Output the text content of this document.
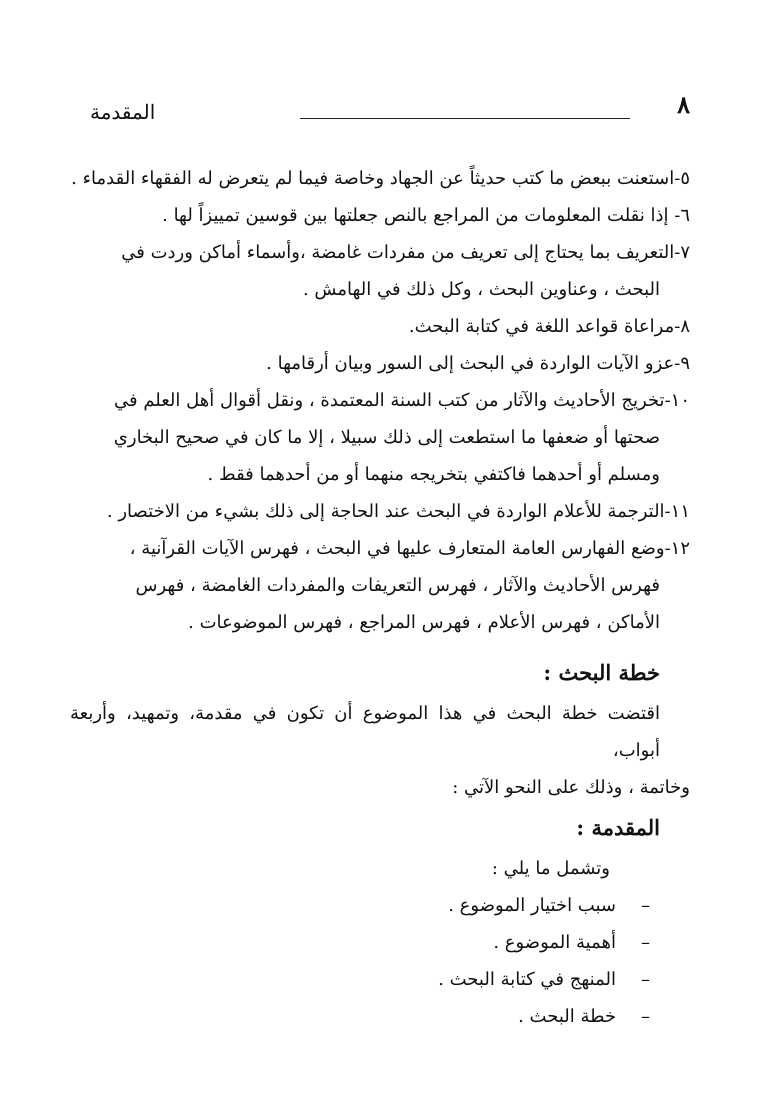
٨
المقدمة

٥-استعنت ببعض ما كتب حديثاً عن الجهاد وخاصة فيما لم يتعرض له الفقهاء القدماء .

٦- إذا نقلت المعلومات من المراجع بالنص جعلتها بين قوسين تمييزاً لها .

٧-التعريف بما يحتاج إلى تعريف من مفردات غامضة ،وأسماء أماكن وردت في

البحث ، وعناوين البحث ، وكل ذلك في الهامش .

٨-مراعاة قواعد اللغة في كتابة البحث.

٩-عزو الآيات الواردة في البحث إلى السور وبيان أرقامها .

١٠-تخريج الأحاديث والآثار من كتب السنة المعتمدة ، ونقل أقوال أهل العلم في

صحتها أو ضعفها ما استطعت إلى ذلك سبيلا ، إلا ما كان في صحيح البخاري

ومسلم أو أحدهما فاكتفي بتخريجه منهما أو من أحدهما فقط .

١١-الترجمة للأعلام الواردة في البحث عند الحاجة إلى ذلك بشيء من الاختصار .

١٢-وضع الفهارس العامة المتعارف عليها في البحث ، فهرس الآيات القرآنية ،

فهرس الأحاديث والآثار ، فهرس التعريفات والمفردات الغامضة ، فهرس

الأماكن ، فهرس الأعلام ، فهرس المراجع ، فهرس الموضوعات .

خطة البحث :

اقتضت خطة البحث في هذا الموضوع أن تكون في مقدمة، وتمهيد، وأربعة أبواب،

وخاتمة ، وذلك على النحو الآتي :

المقدمة :
وتشمل ما يلي :
–سبب اختيار الموضوع .
–أهمية الموضوع .
–المنهج في كتابة البحث .
–خطة البحث .
